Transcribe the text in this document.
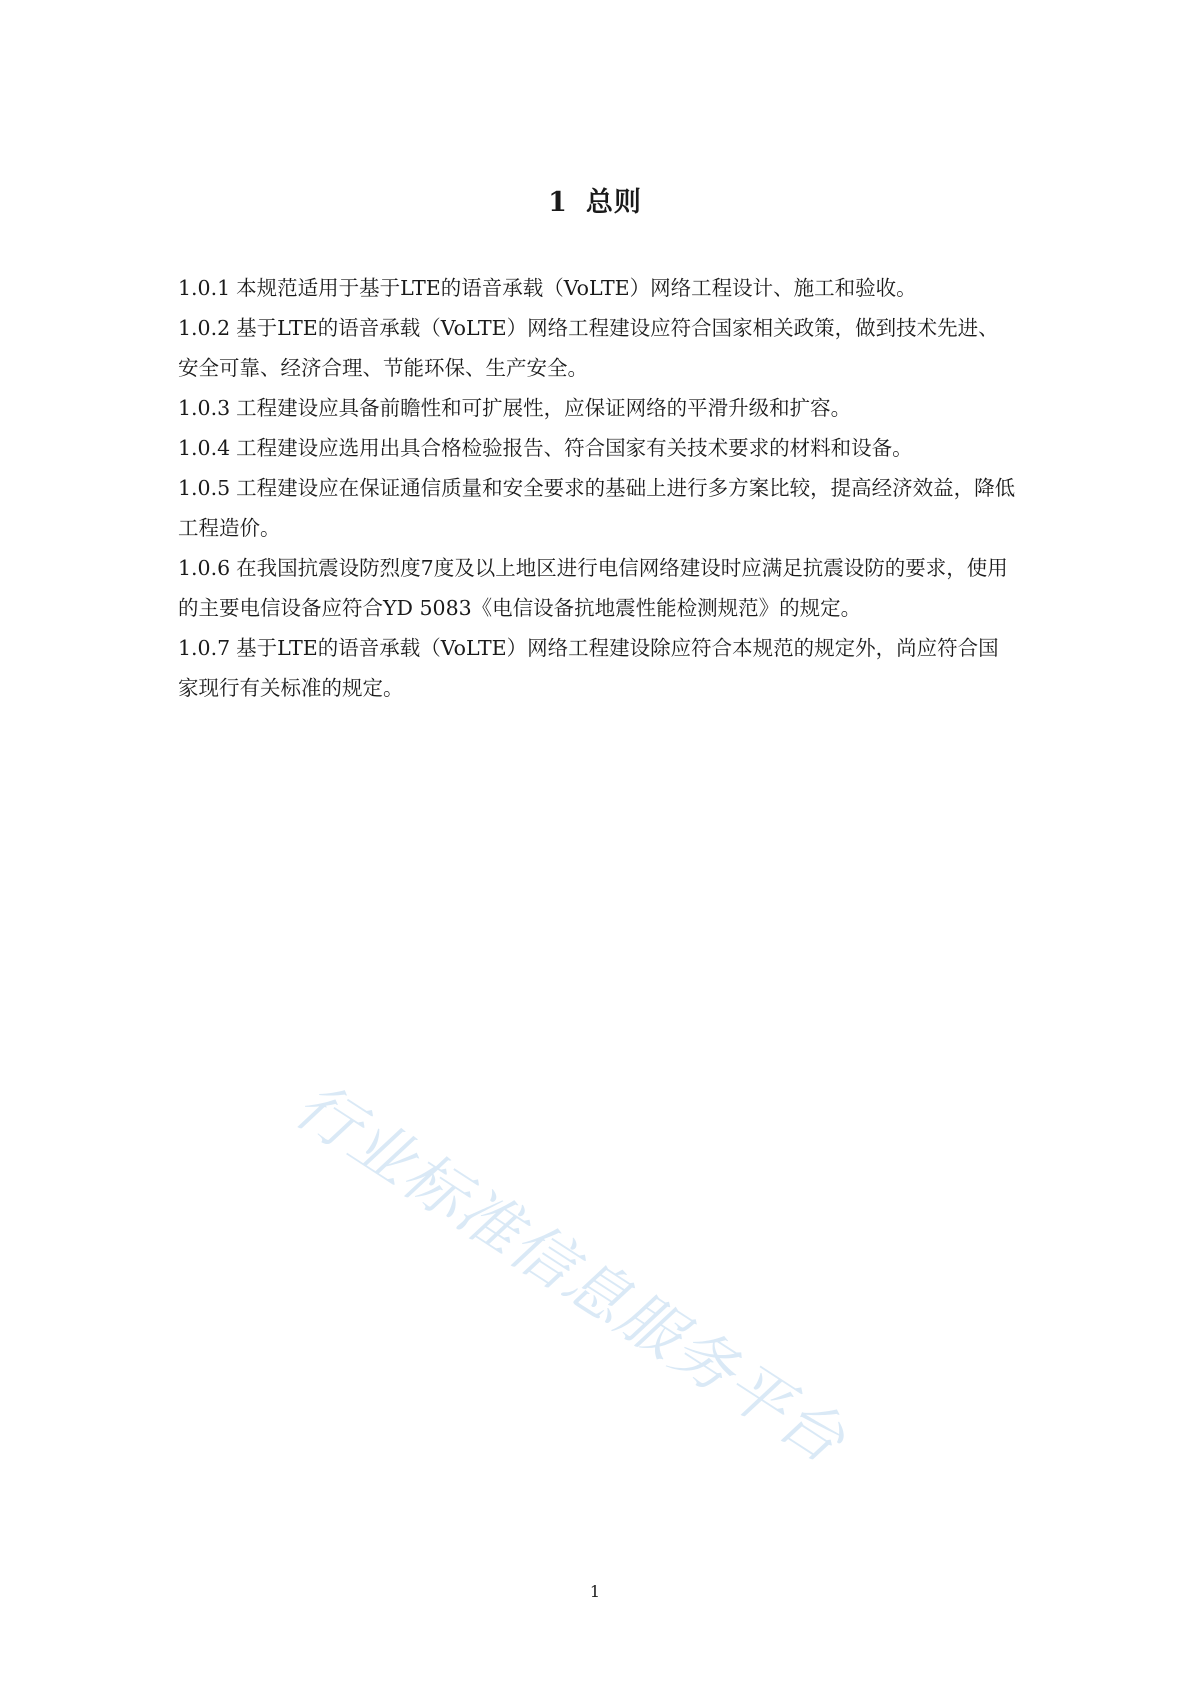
1 总则
1.0.1 本规范适用于基于LTE的语音承载（VoLTE）网络工程设计、施工和验收。
1.0.2 基于LTE的语音承载（VoLTE）网络工程建设应符合国家相关政策，做到技术先进、安全可靠、经济合理、节能环保、生产安全。
1.0.3 工程建设应具备前瞻性和可扩展性，应保证网络的平滑升级和扩容。
1.0.4 工程建设应选用出具合格检验报告、符合国家有关技术要求的材料和设备。
1.0.5 工程建设应在保证通信质量和安全要求的基础上进行多方案比较，提高经济效益，降低工程造价。
1.0.6 在我国抗震设防烈度7度及以上地区进行电信网络建设时应满足抗震设防的要求，使用的主要电信设备应符合YD 5083《电信设备抗地震性能检测规范》的规定。
1.0.7 基于LTE的语音承载（VoLTE）网络工程建设除应符合本规范的规定外，尚应符合国家现行有关标准的规定。
行业标准信息服务平台
1
